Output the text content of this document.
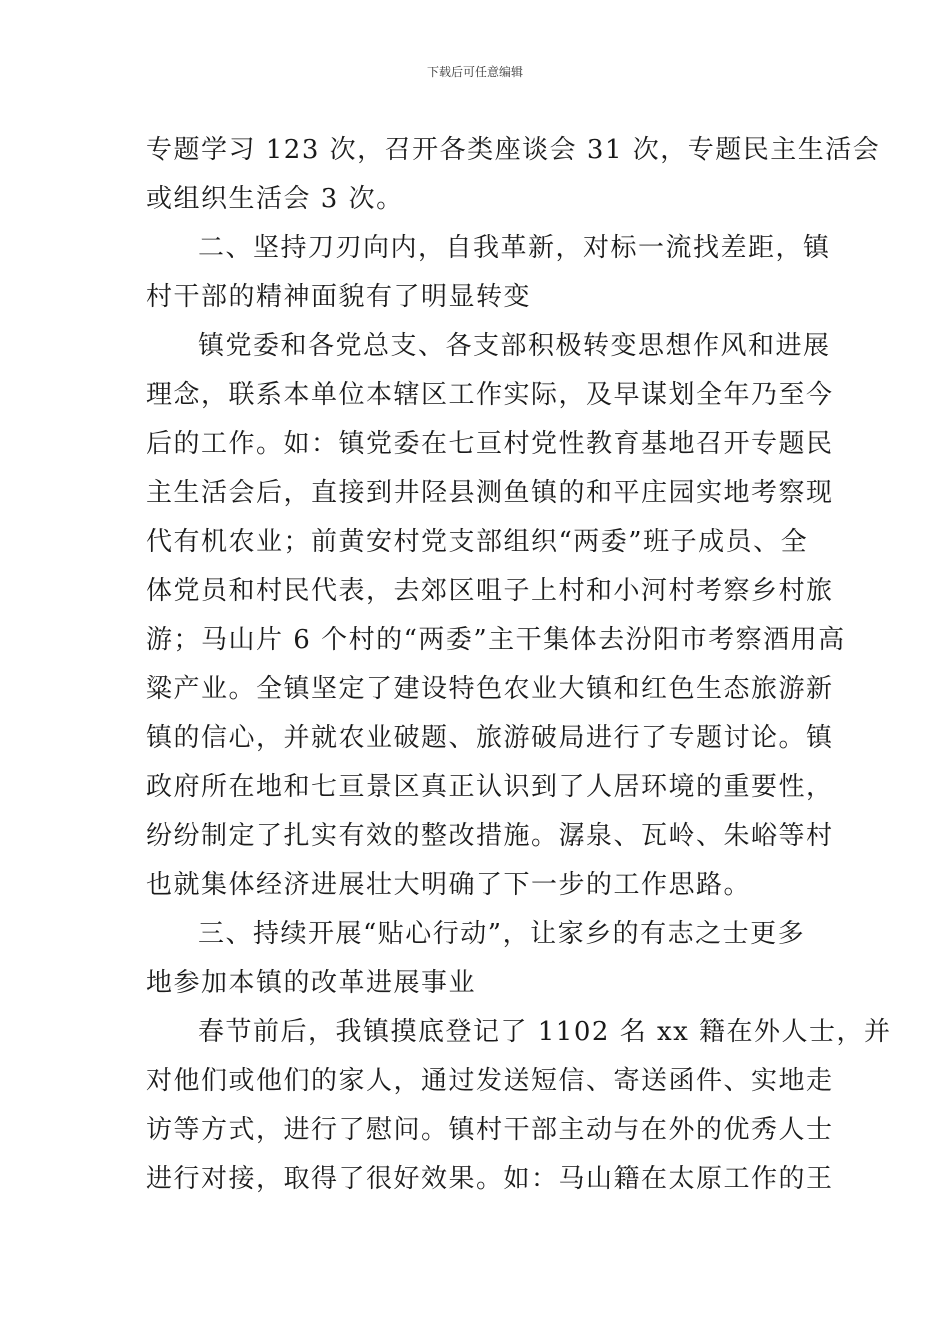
下载后可任意编辑
专题学习 123 次，召开各类座谈会 31 次，专题民主生活会
或组织生活会 3 次。
二、坚持刀刃向内，自我革新，对标一流找差距，镇
村干部的精神面貌有了明显转变
镇党委和各党总支、各支部积极转变思想作风和进展
理念，联系本单位本辖区工作实际，及早谋划全年乃至今
后的工作。如：镇党委在七亘村党性教育基地召开专题民
主生活会后，直接到井陉县测鱼镇的和平庄园实地考察现
代有机农业；前黄安村党支部组织“两委”班子成员、全
体党员和村民代表，去郊区咀子上村和小河村考察乡村旅
游；马山片 6 个村的“两委”主干集体去汾阳市考察酒用高
粱产业。全镇坚定了建设特色农业大镇和红色生态旅游新
镇的信心，并就农业破题、旅游破局进行了专题讨论。镇
政府所在地和七亘景区真正认识到了人居环境的重要性，
纷纷制定了扎实有效的整改措施。潺泉、瓦岭、朱峪等村
也就集体经济进展壮大明确了下一步的工作思路。
三、持续开展“贴心行动”，让家乡的有志之士更多
地参加本镇的改革进展事业
春节前后，我镇摸底登记了 1102 名 xx 籍在外人士，并
对他们或他们的家人，通过发送短信、寄送函件、实地走
访等方式，进行了慰问。镇村干部主动与在外的优秀人士
进行对接，取得了很好效果。如：马山籍在太原工作的王
